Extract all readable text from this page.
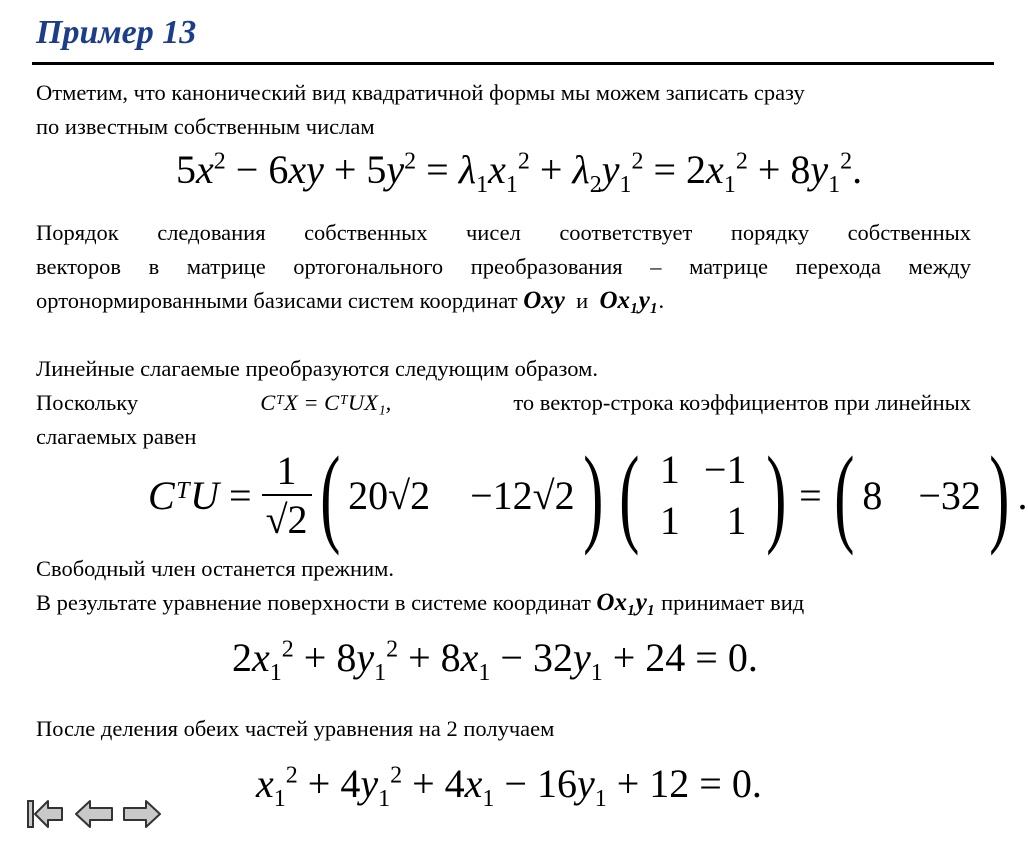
Пример 13
Отметим, что канонический вид квадратичной формы мы можем записать сразу
по известным собственным числам
$5x^2 - 6xy + 5y^2 = \lambda_1x_1^2 + \lambda_2y_1^2 = 2x_1^2 + 8y_1^2$.
Порядок следования собственных чисел соответствует порядку собственных
векторов в матрице ортогонального преобразования – матрице перехода между
ортонормированными базисами систем координат Oxy и Ox₁y₁.
Линейные слагаемые преобразуются следующим образом.
Поскольку	CᵀX = CᵀUX₁,	то вектор-строка коэффициентов при линейных
слагаемых равен
CᵀU = $\frac{1}{√2}$ ( 20√2 −12√2 ) ( 1	−1
1	1 ) = ( 8 −32 ) .
Свободный член останется прежним.
В результате уравнение поверхности в системе координат Ox₁y₁ принимает вид
$2x_1^2 + 8y_1^2 + 8x_1 - 32y_1 + 24 = 0$.
После деления обеих частей уравнения на 2 получаем
$x_1^2 + 4y_1^2 + 4x_1 - 16y_1 + 12 = 0$.
